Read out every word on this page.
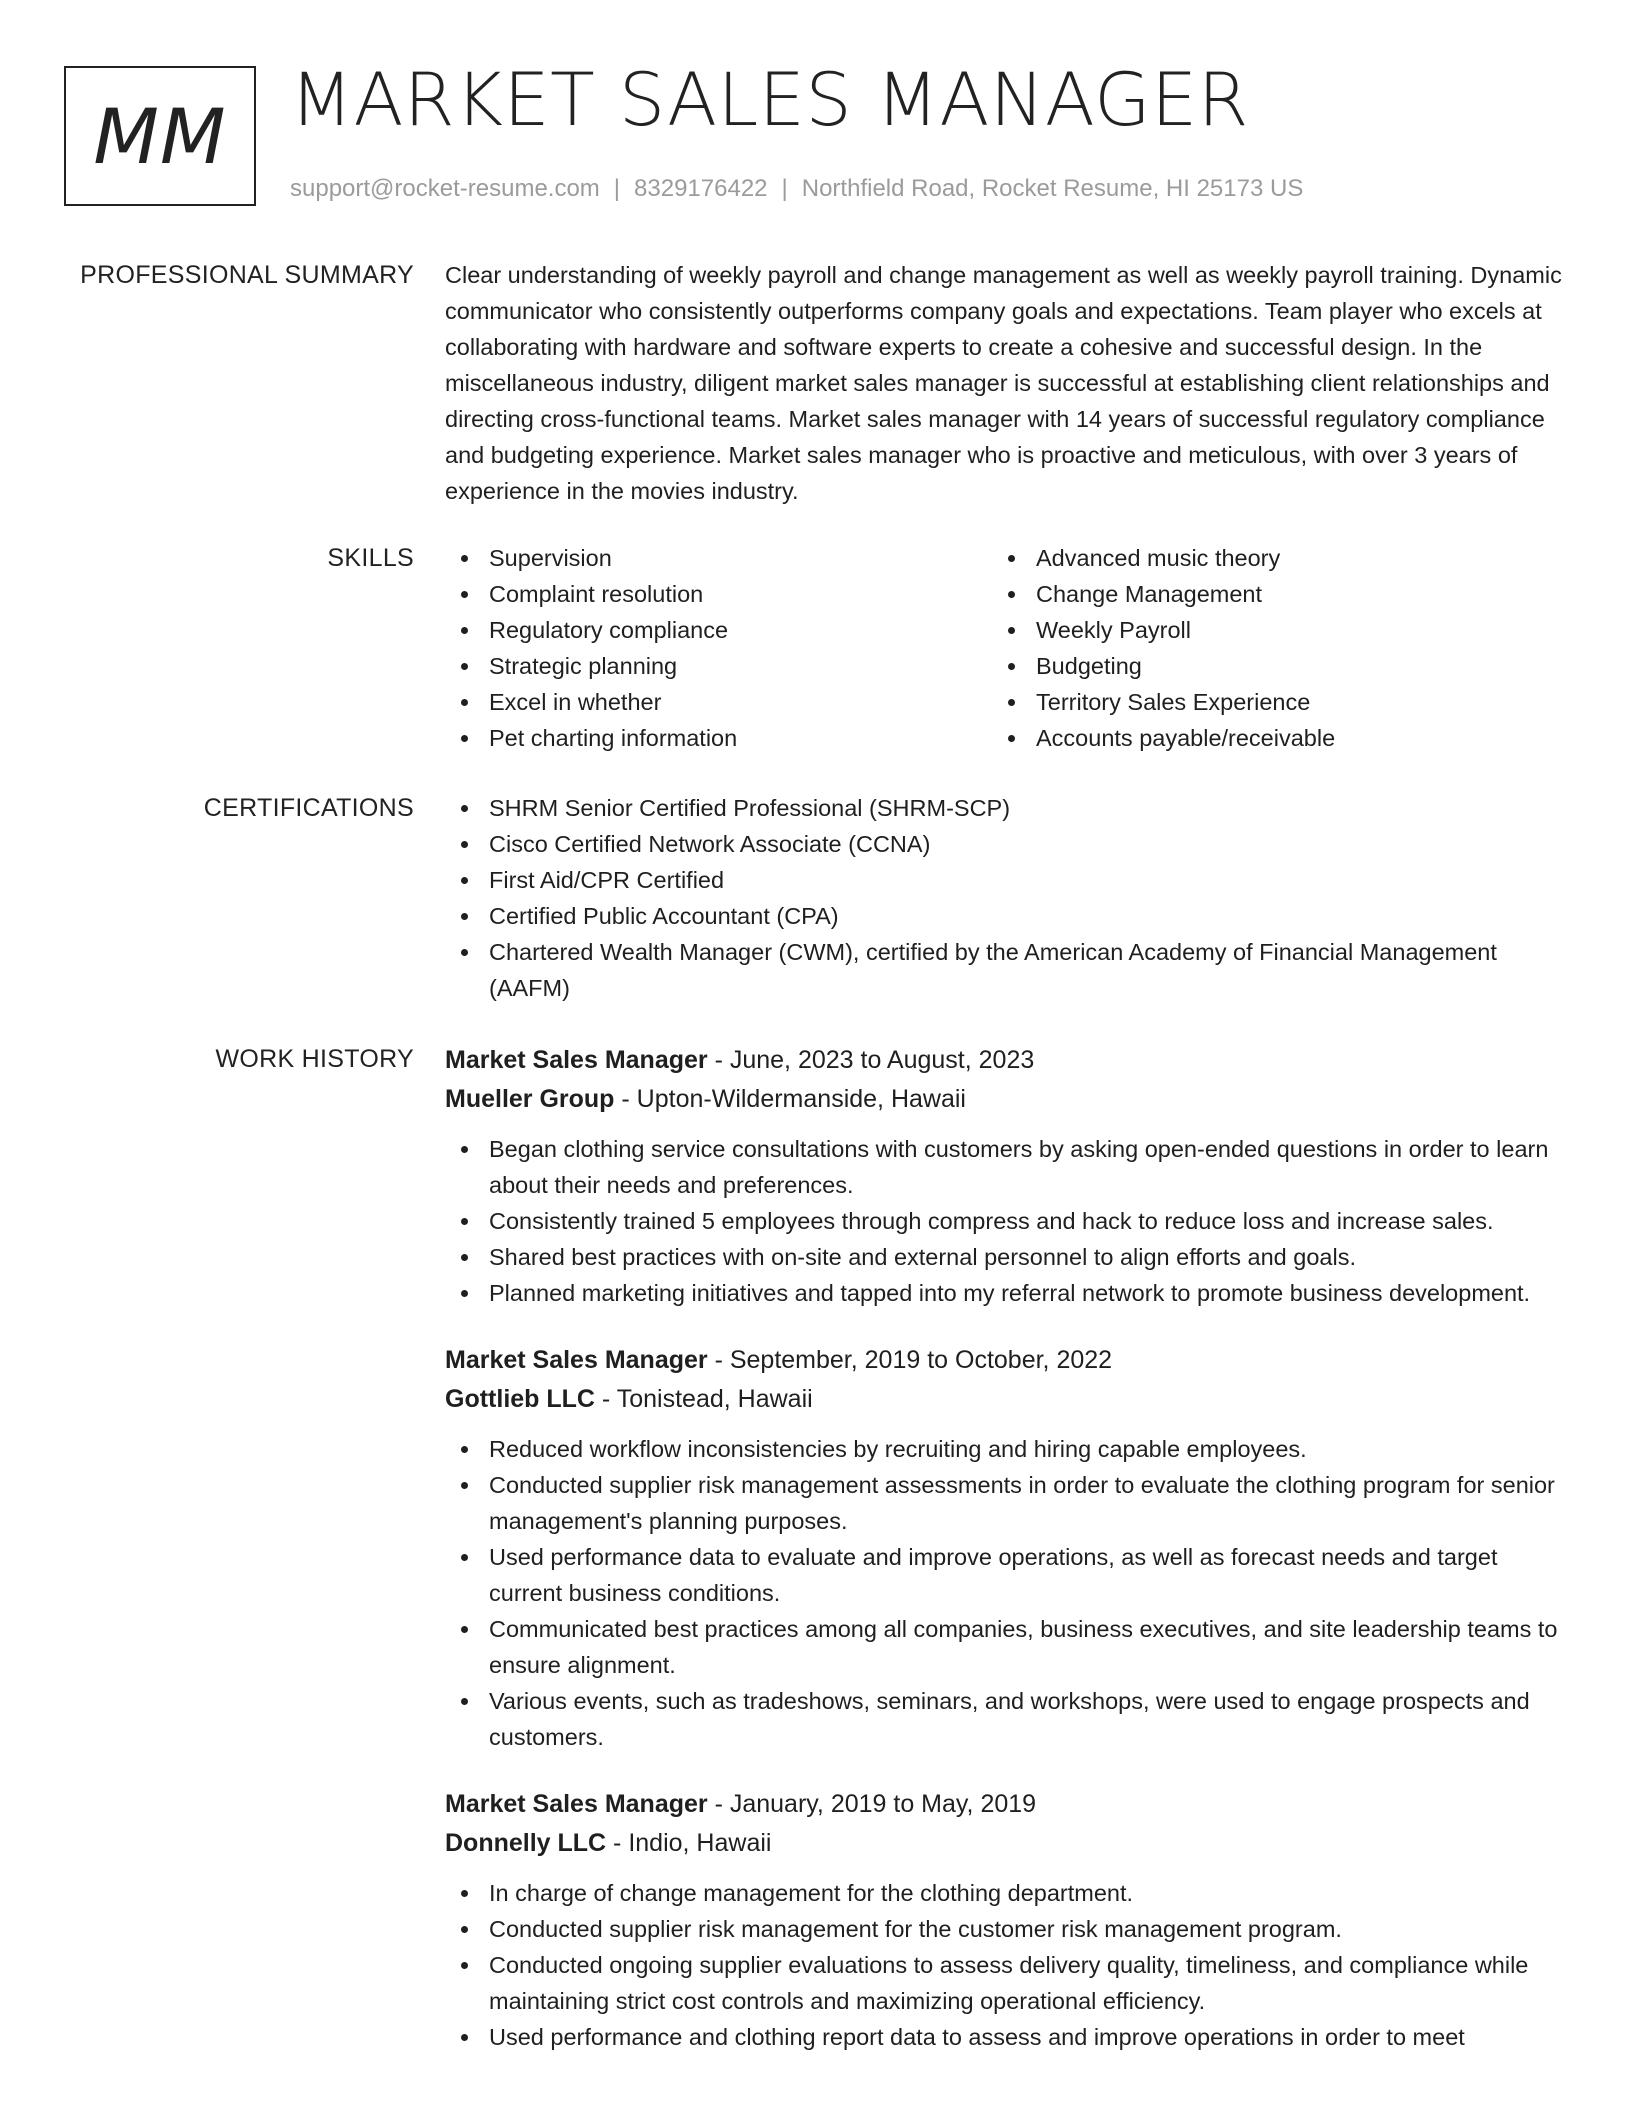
MM MARKET SALES MANAGER
support@rocket-resume.com | 8329176422 | Northfield Road, Rocket Resume, HI 25173 US
PROFESSIONAL SUMMARY Clear understanding of weekly payroll and change management as well as weekly payroll training. Dynamic communicator who consistently outperforms company goals and expectations. Team player who excels at collaborating with hardware and software experts to create a cohesive and successful design. In the miscellaneous industry, diligent market sales manager is successful at establishing client relationships and directing cross-functional teams. Market sales manager with 14 years of successful regulatory compliance and budgeting experience. Market sales manager who is proactive and meticulous, with over 3 years of experience in the movies industry.

SKILLS	Supervision
Complaint resolution
Regulatory compliance
Strategic planning
Excel in whether
Pet charting information
Advanced music theory
Change Management
Weekly Payroll
Budgeting
Territory Sales Experience
Accounts payable/receivable
CERTIFICATIONS	SHRM Senior Certified Professional (SHRM-SCP)
Cisco Certified Network Associate (CCNA)
First Aid/CPR Certified
Certified Public Accountant (CPA)
Chartered Wealth Manager (CWM), certified by the American Academy of Financial Management (AAFM)
WORK HISTORY Market Sales Manager - June, 2023 to August, 2023
Mueller Group - Upton-Wildermanside, Hawaii
Began clothing service consultations with customers by asking open-ended questions in order to learn about their needs and preferences.
Consistently trained 5 employees through compress and hack to reduce loss and increase sales.
Shared best practices with on-site and external personnel to align efforts and goals.
Planned marketing initiatives and tapped into my referral network to promote business development.
Market Sales Manager - September, 2019 to October, 2022
Gottlieb LLC - Tonistead, Hawaii
Reduced workflow inconsistencies by recruiting and hiring capable employees.
Conducted supplier risk management assessments in order to evaluate the clothing program for senior management's planning purposes.
Used performance data to evaluate and improve operations, as well as forecast needs and target current business conditions.
Communicated best practices among all companies, business executives, and site leadership teams to ensure alignment.
Various events, such as tradeshows, seminars, and workshops, were used to engage prospects and customers.
Market Sales Manager - January, 2019 to May, 2019
Donnelly LLC - Indio, Hawaii
In charge of change management for the clothing department.
Conducted supplier risk management for the customer risk management program.
Conducted ongoing supplier evaluations to assess delivery quality, timeliness, and compliance while maintaining strict cost controls and maximizing operational efficiency.
Used performance and clothing report data to assess and improve operations in order to meet
